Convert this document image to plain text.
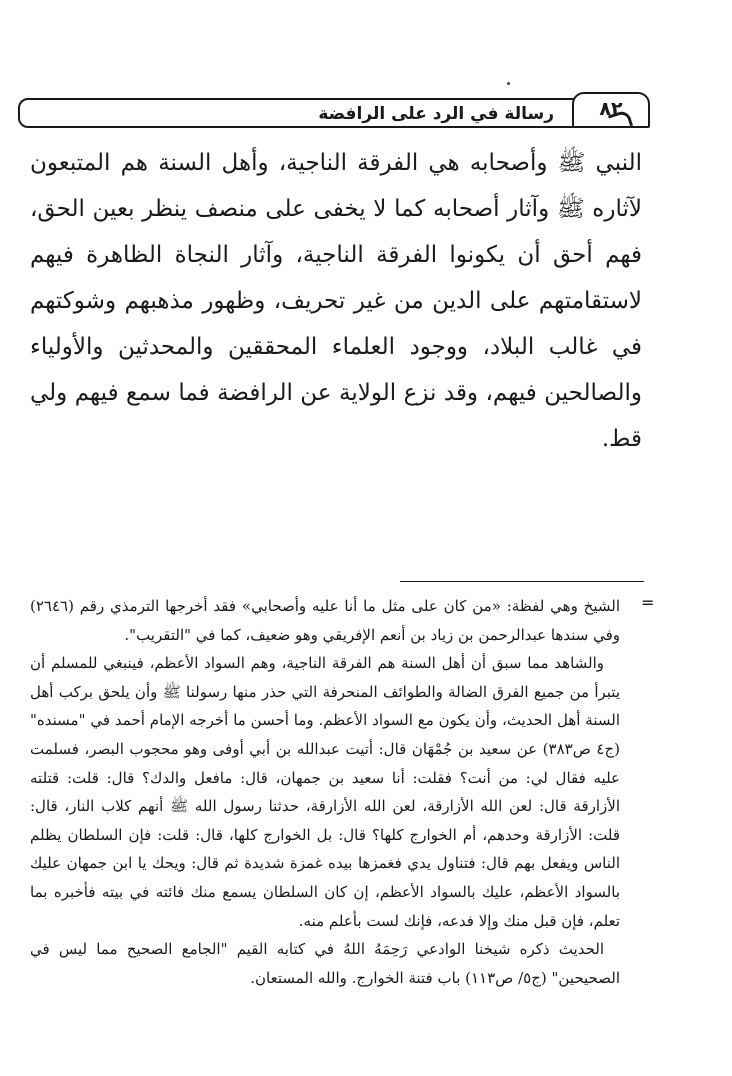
رسالة في الرد على الرافضة	٨٢

النبي ﷺ وأصحابه هي الفرقة الناجية، وأهل السنة هم المتبعون لآثاره ﷺ وآثار أصحابه كما لا يخفى على منصف ينظر بعين الحق، فهم أحق أن يكونوا الفرقة الناجية، وآثار النجاة الظاهرة فيهم لاستقامتهم على الدين من غير تحريف، وظهور مذهبهم وشوكتهم في غالب البلاد، ووجود العلماء المحققين والمحدثين والأولياء والصالحين فيهم، وقد نزع الولاية عن الرافضة فما سمع فيهم ولي قط.

=

الشيخ وهي لفظة: «من كان على مثل ما أنا عليه وأصحابي» فقد أخرجها الترمذي رقم (٢٦٤٦) وفي سندها عبدالرحمن بن زياد بن أنعم الإفريقي وهو ضعيف، كما في "التقريب".

والشاهد مما سبق أن أهل السنة هم الفرقة الناجية، وهم السواد الأعظم، فينبغي للمسلم أن يتبرأ من جميع الفرق الضالة والطوائف المنحرفة التي حذر منها رسولنا ﷺ وأن يلحق بركب أهل السنة أهل الحديث، وأن يكون مع السواد الأعظم. وما أحسن ما أخرجه الإمام أحمد في "مسنده" (ج٤ ص٣٨٣) عن سعيد بن جُمْهَان قال: أتيت عبدالله بن أبي أوفى وهو محجوب البصر، فسلمت عليه فقال لي: من أنت؟ فقلت: أنا سعيد بن جمهان، قال: مافعل والدك؟ قال: قلت: قتلته الأزارقة قال: لعن الله الأزارقة، لعن الله الأزارقة، حدثنا رسول الله ﷺ أنهم كلاب النار، قال: قلت: الأزارقة وحدهم، أم الخوارج كلها؟ قال: بل الخوارج كلها، قال: قلت: فإن السلطان يظلم الناس ويفعل بهم قال: فتناول يدي فغمزها بيده غمزة شديدة ثم قال: ويحك يا ابن جمهان عليك بالسواد الأعظم، عليك بالسواد الأعظم، إن كان السلطان يسمع منك فائته في بيته فأخبره بما تعلم، فإن قبل منك وإلا فدعه، فإنك لست بأعلم منه.

الحديث ذكره شيخنا الوادعي رَحِمَهُ اللهُ في كتابه القيم "الجامع الصحيح مما ليس في الصحيحين" (ج٥/ ص١١٣) باب فتنة الخوارج. والله المستعان.
